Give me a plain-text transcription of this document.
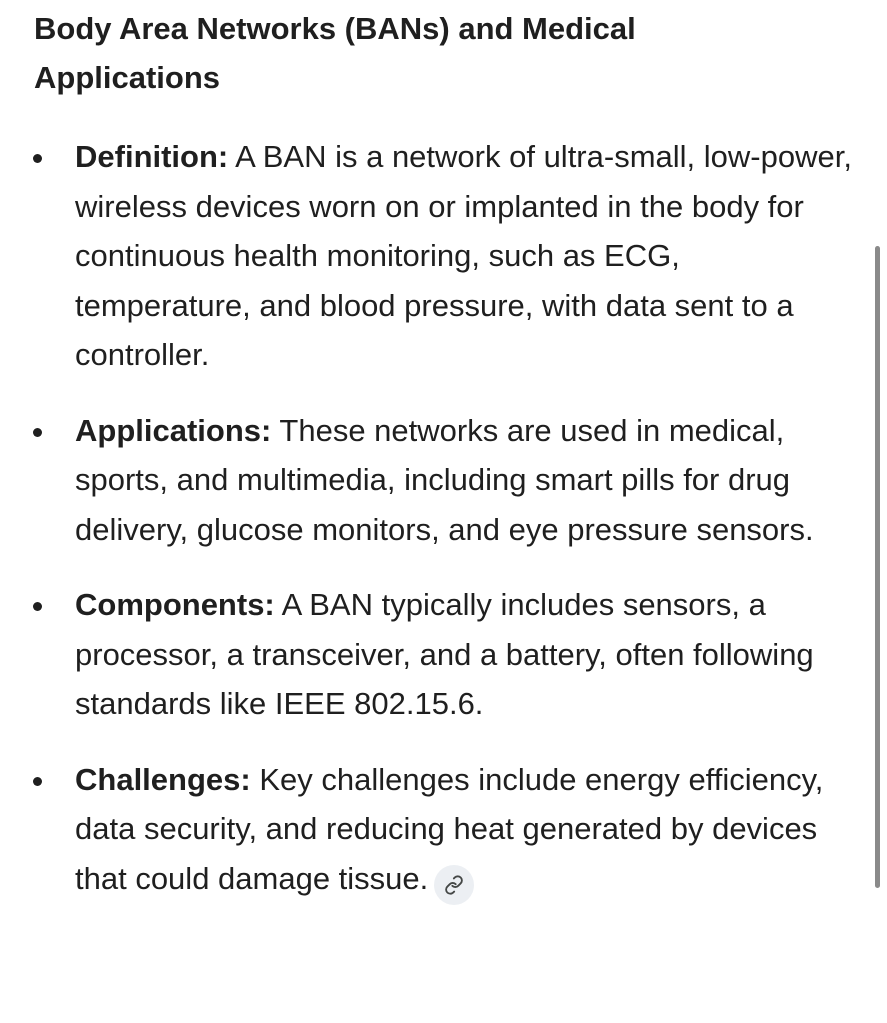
Body Area Networks (BANs) and Medical Applications
Definition: A BAN is a network of ultra-small, low-power, wireless devices worn on or implanted in the body for continuous health monitoring, such as ECG, temperature, and blood pressure, with data sent to a controller.
Applications: These networks are used in medical, sports, and multimedia, including smart pills for drug delivery, glucose monitors, and eye pressure sensors.
Components: A BAN typically includes sensors, a processor, a transceiver, and a battery, often following standards like IEEE 802.15.6.
Challenges: Key challenges include energy efficiency, data security, and reducing heat generated by devices that could damage tissue.
